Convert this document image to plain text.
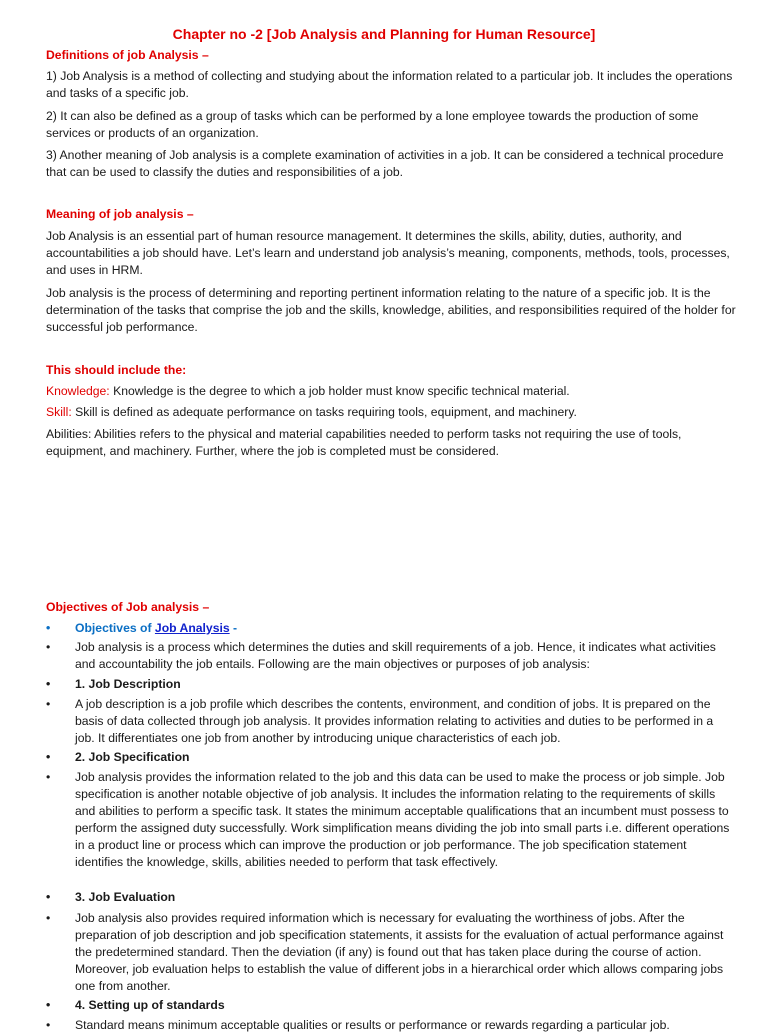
Chapter no -2 [Job Analysis and Planning for Human Resource]
Definitions of job Analysis –
1) Job Analysis is a method of collecting and studying about the information related to a particular job. It includes the operations and tasks of a specific job.
2) It can also be defined as a group of tasks which can be performed by a lone employee towards the production of some services or products of an organization.
3) Another meaning of Job analysis is a complete examination of activities in a job. It can be considered a technical procedure that can be used to classify the duties and responsibilities of a job.
Meaning of job analysis –
Job Analysis is an essential part of human resource management. It determines the skills, ability, duties, authority, and accountabilities a job should have. Let’s learn and understand job analysis’s meaning, components, methods, tools, processes, and uses in HRM.
Job analysis is the process of determining and reporting pertinent information relating to the nature of a specific job. It is the determination of the tasks that comprise the job and the skills, knowledge, abilities, and responsibilities required of the holder for successful job performance.
This should include the:
Knowledge: Knowledge is the degree to which a job holder must know specific technical material.
Skill: Skill is defined as adequate performance on tasks requiring tools, equipment, and machinery.
Abilities: Abilities refers to the physical and material capabilities needed to perform tasks not requiring the use of tools, equipment, and machinery. Further, where the job is completed must be considered.
Objectives of Job analysis –
• Objectives of Job Analysis -
• Job analysis is a process which determines the duties and skill requirements of a job. Hence, it indicates what activities and accountability the job entails. Following are the main objectives or purposes of job analysis:
• 1. Job Description
• A job description is a job profile which describes the contents, environment, and condition of jobs. It is prepared on the basis of data collected through job analysis. It provides information relating to activities and duties to be performed in a job. It differentiates one job from another by introducing unique characteristics of each job.
• 2. Job Specification
• Job analysis provides the information related to the job and this data can be used to make the process or job simple. Job specification is another notable objective of job analysis. It includes the information relating to the requirements of skills and abilities to perform a specific task. It states the minimum acceptable qualifications that an incumbent must possess to perform the assigned duty successfully. Work simplification means dividing the job into small parts i.e. different operations in a product line or process which can improve the production or job performance. The job specification statement identifies the knowledge, skills, abilities needed to perform that task effectively.
• 3. Job Evaluation
• Job analysis also provides required information which is necessary for evaluating the worthiness of jobs. After the preparation of job description and job specification statements, it assists for the evaluation of actual performance against the predetermined standard. Then the deviation (if any) is found out that has taken place during the course of action. Moreover, job evaluation helps to establish the value of different jobs in a hierarchical order which allows comparing jobs one from another.
• 4. Setting up of standards
• Standard means minimum acceptable qualities or results or performance or rewards regarding a particular job.
